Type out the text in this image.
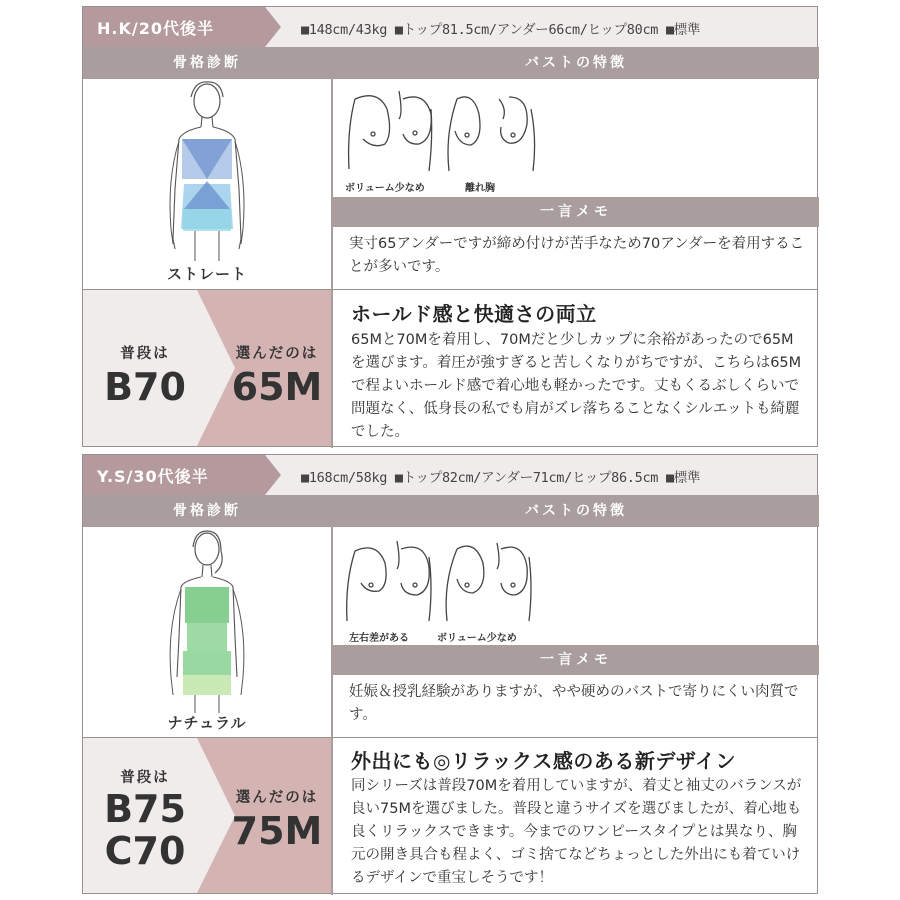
H.K/20代後半	■148cm/43kg ■トップ81.5cm/アンダー66cm/ヒップ80cm ■標準
骨格診断	バストの特徴
ストレート
ボリューム少なめ	離れ胸
一言メモ
実寸65アンダーですが締め付けが苦手なため70アンダーを着用することが多いです。
普段は
B70
選んだのは
65M
ホールド感と快適さの両立
65Mと70Mを着用し、70Mだと少しカップに余裕があったので65Mを選びます。着圧が強すぎると苦しくなりがちですが、こちらは65Mで程よいホールド感で着心地も軽かったです。丈もくるぶしくらいで問題なく、低身長の私でも肩がズレ落ちることなくシルエットも綺麗でした。
Y.S/30代後半	■168cm/58kg ■トップ82cm/アンダー71cm/ヒップ86.5cm ■標準
骨格診断	バストの特徴
ナチュラル
左右差がある	ボリューム少なめ
一言メモ
妊娠＆授乳経験がありますが、やや硬めのバストで寄りにくい肉質です。
普段は
B75
C70
選んだのは
75M
外出にも◎リラックス感のある新デザイン
同シリーズは普段70Mを着用していますが、着丈と袖丈のバランスが良い75Mを選びました。普段と違うサイズを選びましたが、着心地も良くリラックスできます。今までのワンピースタイプとは異なり、胸元の開き具合も程よく、ゴミ捨てなどちょっとした外出にも着ていけるデザインで重宝しそうです！
